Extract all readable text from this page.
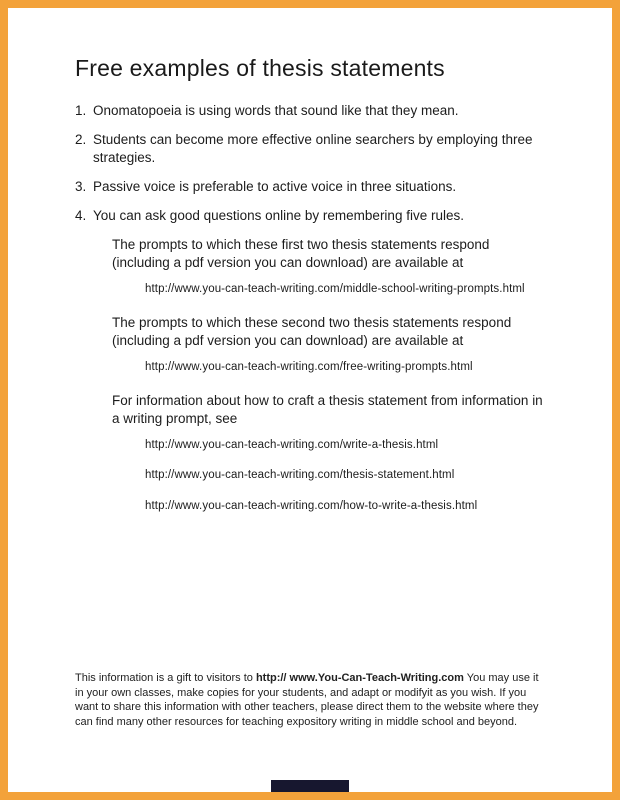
Free examples of thesis statements
1. Onomatopoeia is using words that sound like that they mean.
2. Students can become more effective online searchers by employing three strategies.
3. Passive voice is preferable to active voice in three situations.
4. You can ask good questions online by remembering five rules.

The prompts to which these first two thesis statements respond (including a pdf version you can download) are available at

http://www.you-can-teach-writing.com/middle-school-writing-prompts.html

The prompts to which these second two thesis statements respond (including a pdf version you can download) are available at

http://www.you-can-teach-writing.com/free-writing-prompts.html

For information about how to craft a thesis statement from information in a writing prompt, see

http://www.you-can-teach-writing.com/write-a-thesis.html

http://www.you-can-teach-writing.com/thesis-statement.html

http://www.you-can-teach-writing.com/how-to-write-a-thesis.html

This information is a gift to visitors to http:// www.You-Can-Teach-Writing.com You may use it in your own classes, make copies for your students, and adapt or modifyit as you wish. If you want to share this information with other teachers, please direct them to the website where they can find many other resources for teaching expository writing in middle school and beyond.
